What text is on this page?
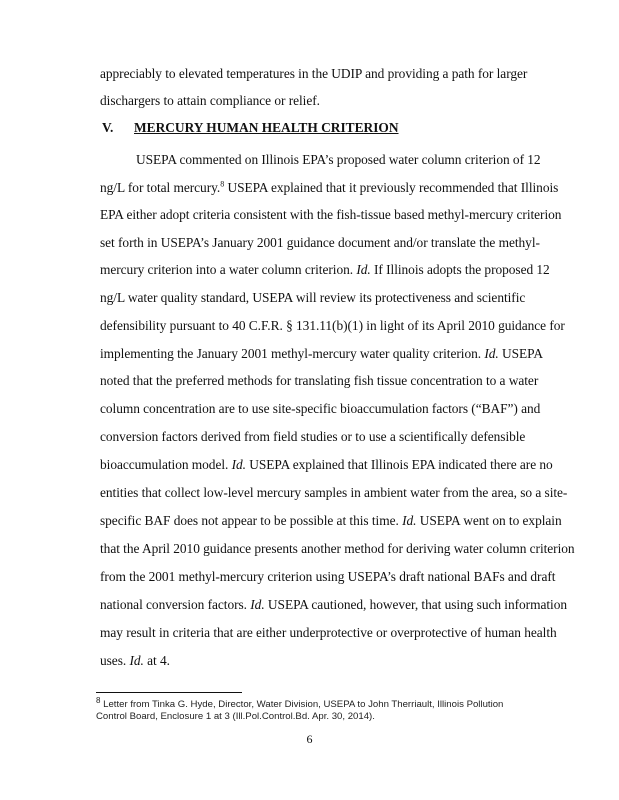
appreciably to elevated temperatures in the UDIP and providing a path for larger
dischargers to attain compliance or relief.
V. MERCURY HUMAN HEALTH CRITERION
USEPA commented on Illinois EPA’s proposed water column criterion of 12
ng/L for total mercury.$^8$ USEPA explained that it previously recommended that Illinois
EPA either adopt criteria consistent with the fish-tissue based methyl-mercury criterion
set forth in USEPA’s January 2001 guidance document and/or translate the methyl-
mercury criterion into a water column criterion. Id. If Illinois adopts the proposed 12
ng/L water quality standard, USEPA will review its protectiveness and scientific
defensibility pursuant to 40 C.F.R. § 131.11(b)(1) in light of its April 2010 guidance for
implementing the January 2001 methyl-mercury water quality criterion. Id. USEPA
noted that the preferred methods for translating fish tissue concentration to a water
column concentration are to use site-specific bioaccumulation factors (“BAF”) and
conversion factors derived from field studies or to use a scientifically defensible
bioaccumulation model. Id. USEPA explained that Illinois EPA indicated there are no
entities that collect low-level mercury samples in ambient water from the area, so a site-
specific BAF does not appear to be possible at this time. Id. USEPA went on to explain
that the April 2010 guidance presents another method for deriving water column criterion
from the 2001 methyl-mercury criterion using USEPA’s draft national BAFs and draft
national conversion factors. Id. USEPA cautioned, however, that using such information
may result in criteria that are either underprotective or overprotective of human health
uses. Id. at 4.
$^8$ Letter from Tinka G. Hyde, Director, Water Division, USEPA to John Therriault, Illinois Pollution
Control Board, Enclosure 1 at 3 (Ill.Pol.Control.Bd. Apr. 30, 2014).
6
